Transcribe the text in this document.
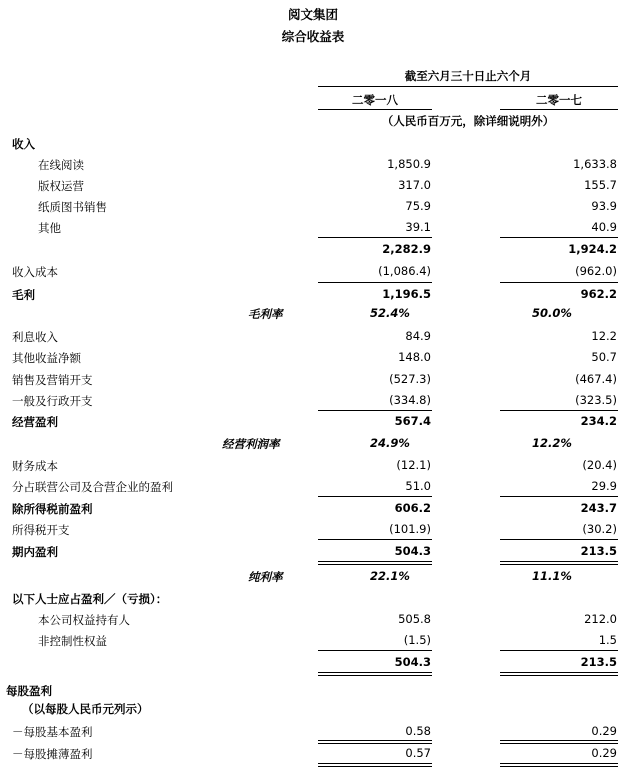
阅文集团
综合收益表
截至六月三十日止六个月
二零一八	二零一七
（人民币百万元，除详细说明外）
收入
在线阅读	1,850.9	1,633.8
版权运营	317.0	155.7
纸质图书销售	75.9	93.9
其他	39.1	40.9
2,282.9	1,924.2
收入成本	(1,086.4)	(962.0)
毛利	1,196.5	962.2
毛利率	52.4%	50.0%
利息收入	84.9	12.2
其他收益净额	148.0	50.7
销售及营销开支	(527.3)	(467.4)
一般及行政开支	(334.8)	(323.5)
经营盈利	567.4	234.2
经营利润率	24.9%	12.2%
财务成本	(12.1)	(20.4)
分占联营公司及合营企业的盈利	51.0	29.9
除所得税前盈利	606.2	243.7
所得税开支	(101.9)	(30.2)
期内盈利	504.3	213.5
纯利率	22.1%	11.1%
以下人士应占盈利／（亏损）：
本公司权益持有人	505.8	212.0
非控制性权益	(1.5)	1.5
504.3	213.5
每股盈利
（以每股人民币元列示）
－每股基本盈利	0.58	0.29
－每股摊薄盈利	0.57	0.29
